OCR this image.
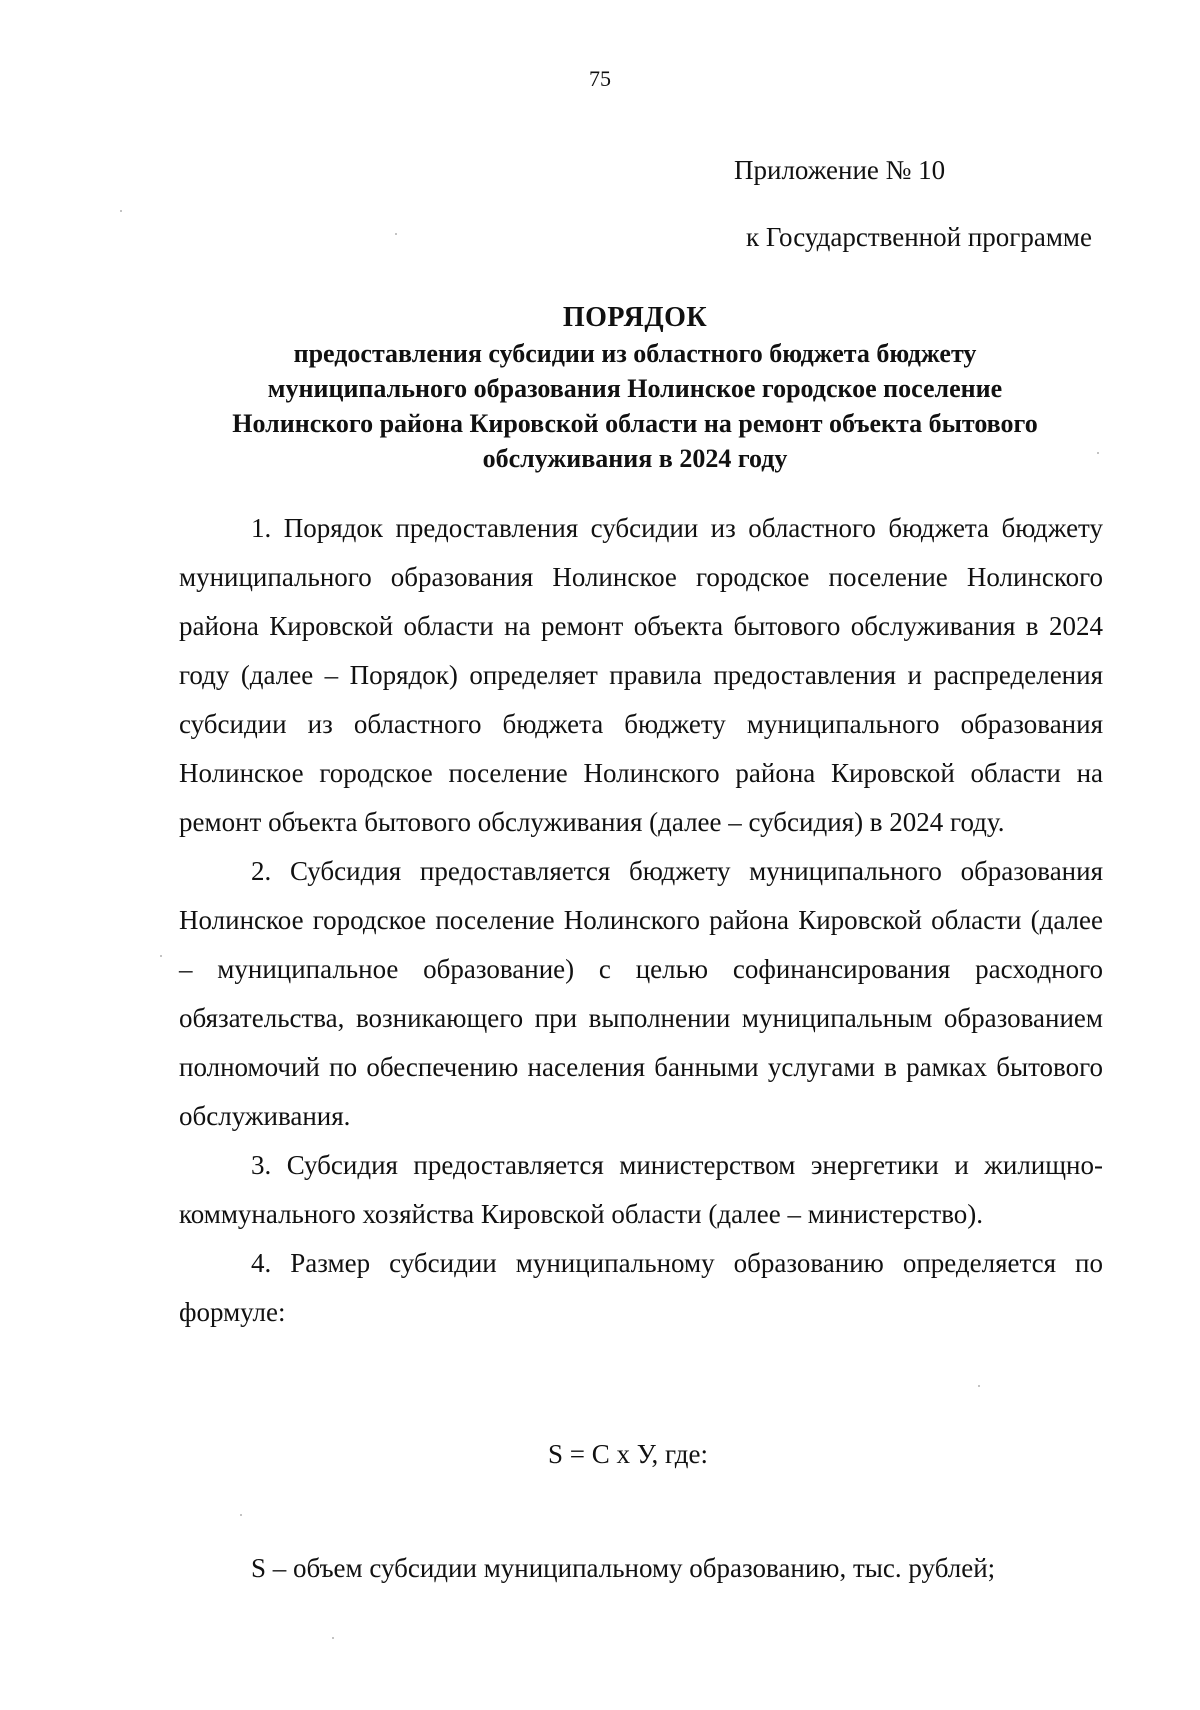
75
Приложение № 10
к Государственной программе
ПОРЯДОК

предоставления субсидии из областного бюджета бюджету

муниципального образования Нолинское городское поселение

Нолинского района Кировской области на ремонт объекта бытового

обслуживания в 2024 году

1. Порядок предоставления субсидии из областного бюджета бюджету муниципального образования Нолинское городское поселение Нолинского района Кировской области на ремонт объекта бытового обслуживания в 2024 году (далее – Порядок) определяет правила предоставления и распределения субсидии из областного бюджета бюджету муниципального образования Нолинское городское поселение Нолинского района Кировской области на ремонт объекта бытового обслуживания (далее – субсидия) в 2024 году.

2. Субсидия предоставляется бюджету муниципального образования Нолинское городское поселение Нолинского района Кировской области (далее – муниципальное образование) с целью софинансирования расходного обязательства, возникающего при выполнении муниципальным образованием полномочий по обеспечению населения банными услугами в рамках бытового обслуживания.

3. Субсидия предоставляется министерством энергетики и жилищно-коммунального хозяйства Кировской области (далее – министерство).

4. Размер субсидии муниципальному образованию определяется по формуле:

S = С х У, где:
S – объем субсидии муниципальному образованию, тыс. рублей;
